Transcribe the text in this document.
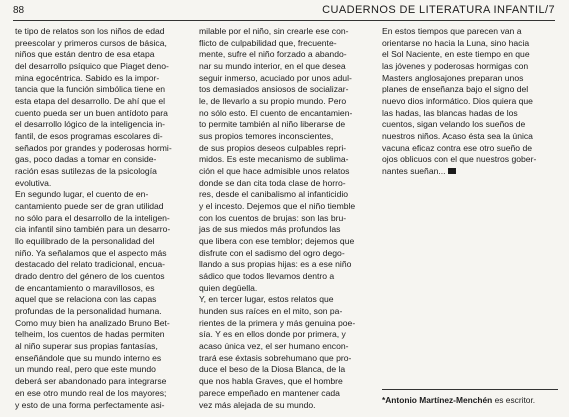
88	CUADERNOS DE LITERATURA INFANTIL/7
te tipo de relatos son los niños de edad
preescolar y primeros cursos de básica,
niños que están dentro de esa etapa
del desarrollo psíquico que Piaget deno-
mina egocéntrica. Sabido es la impor-
tancia que la función simbólica tiene en
esta etapa del desarrollo. De ahí que el
cuento pueda ser un buen antídoto para
el desarrollo lógico de la inteligencia in-
fantil, de esos programas escolares di-
señados por grandes y poderosas hormi-
gas, poco dadas a tomar en conside-
ración esas sutilezas de la psicología
evolutiva.
En segundo lugar, el cuento de en-
cantamiento puede ser de gran utilidad
no sólo para el desarrollo de la inteligen-
cia infantil sino también para un desarro-
llo equilibrado de la personalidad del
niño. Ya señalamos que el aspecto más
destacado del relato tradicional, encua-
drado dentro del género de los cuentos
de encantamiento o maravillosos, es
aquel que se relaciona con las capas
profundas de la personalidad humana.
Como muy bien ha analizado Bruno Bet-
telheim, los cuentos de hadas permiten
al niño superar sus propias fantasías,
enseñándole que su mundo interno es
un mundo real, pero que este mundo
deberá ser abandonado para integrarse
en ese otro mundo real de los mayores;
y esto de una forma perfectamente asi-
milable por el niño, sin crearle ese con-
flicto de culpabilidad que, frecuente-
mente, sufre el niño forzado a abando-
nar su mundo interior, en el que desea
seguir inmerso, acuciado por unos adul-
tos demasiados ansiosos de socializar-
le, de llevarlo a su propio mundo. Pero
no sólo esto. El cuento de encantamien-
to permite también al niño liberarse de
sus propios temores inconscientes,
de sus propios deseos culpables repri-
midos. Es este mecanismo de sublima-
ción el que hace admisible unos relatos
donde se dan cita toda clase de horro-
res, desde el canibalismo al infanticidio
y el incesto. Dejemos que el niño tiemble
con los cuentos de brujas: son las bru-
jas de sus miedos más profundos las
que libera con ese temblor; dejemos que
disfrute con el sadismo del ogro dego-
llando a sus propias hijas: es a ese niño
sádico que todos llevamos dentro a
quien degüella.
Y, en tercer lugar, estos relatos que
hunden sus raíces en el mito, son pa-
rientes de la primera y más genuina poe-
sía. Y es en ellos donde por primera, y
acaso única vez, el ser humano encon-
trará ese éxtasis sobrehumano que pro-
duce el beso de la Diosa Blanca, de la
que nos habla Graves, que el hombre
parece empeñado en mantener cada
vez más alejada de su mundo.
En estos tiempos que parecen van a
orientarse no hacia la Luna, sino hacia
el Sol Naciente, en este tiempo en que
las jóvenes y poderosas hormigas con
Masters anglosajones preparan unos
planes de enseñanza bajo el signo del
nuevo dios informático. Dios quiera que
las hadas, las blancas hadas de los
cuentos, sigan velando los sueños de
nuestros niños. Acaso ésta sea la única
vacuna eficaz contra ese otro sueño de
ojos oblicuos con el que nuestros gober-
nantes sueñan...
*Antonio Martínez-Menchén es escritor.
